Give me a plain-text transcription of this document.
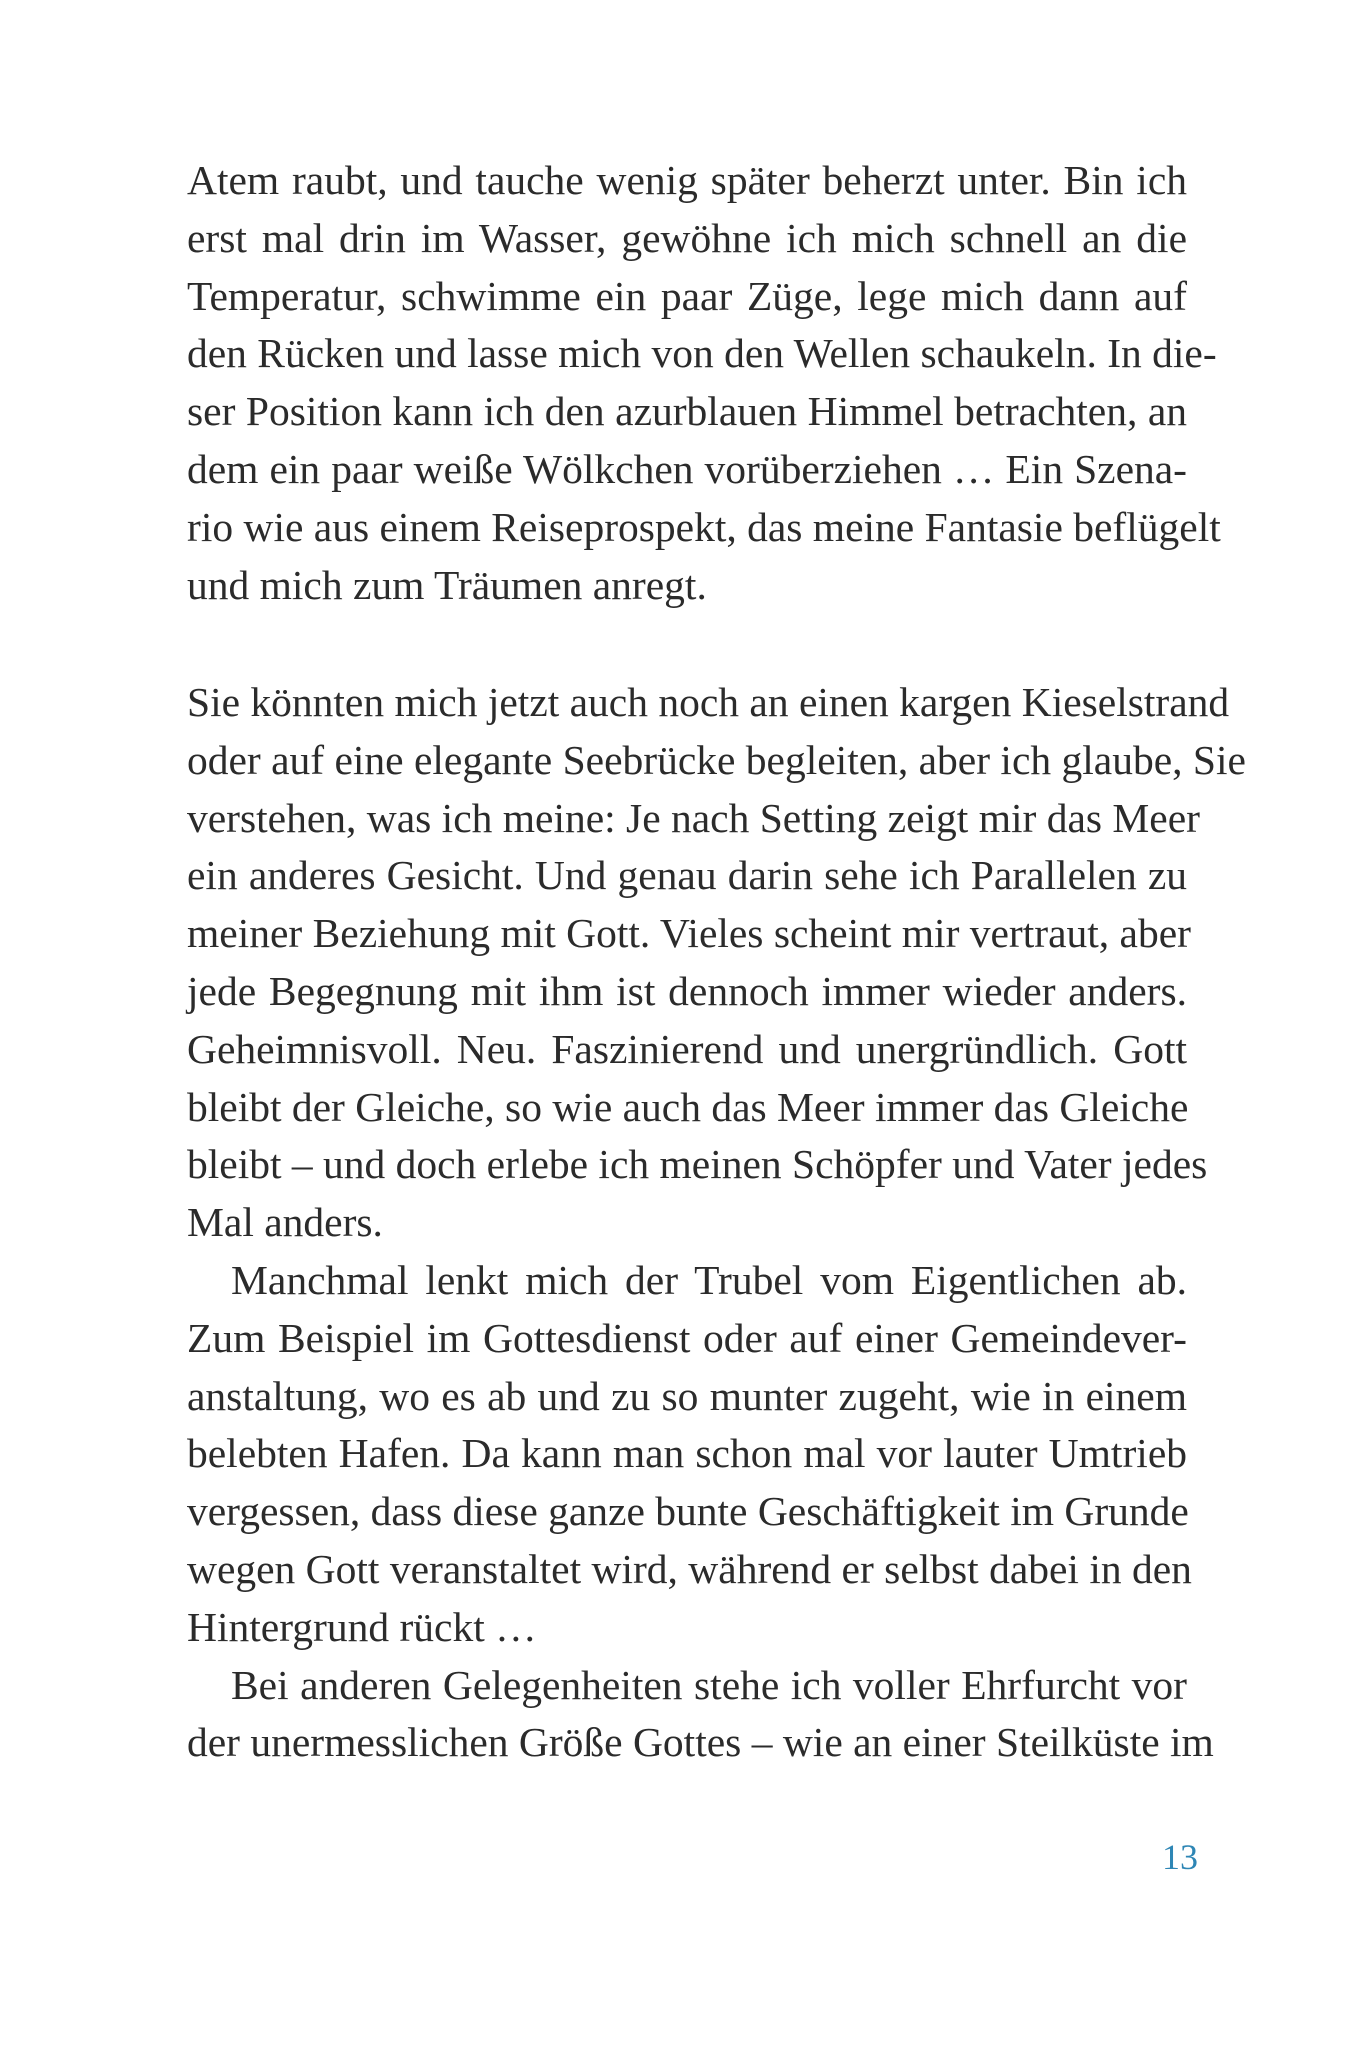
Atem raubt, und tauche wenig später beherzt unter. Bin ich
erst mal drin im Wasser, gewöhne ich mich schnell an die
Temperatur, schwimme ein paar Züge, lege mich dann auf
den Rücken und lasse mich von den Wellen schaukeln. In die-
ser Position kann ich den azurblauen Himmel betrachten, an
dem ein paar weiße Wölkchen vorüberziehen … Ein Szena-
rio wie aus einem Reiseprospekt, das meine Fantasie beflügelt
und mich zum Träumen anregt.
Sie könnten mich jetzt auch noch an einen kargen Kieselstrand
oder auf eine elegante Seebrücke begleiten, aber ich glaube, Sie
verstehen, was ich meine: Je nach Setting zeigt mir das Meer
ein anderes Gesicht. Und genau darin sehe ich Parallelen zu
meiner Beziehung mit Gott. Vieles scheint mir vertraut, aber
jede Begegnung mit ihm ist dennoch immer wieder anders.
Geheimnisvoll. Neu. Faszinierend und unergründlich. Gott
bleibt der Gleiche, so wie auch das Meer immer das Gleiche
bleibt – und doch erlebe ich meinen Schöpfer und Vater jedes
Mal anders.
Manchmal lenkt mich der Trubel vom Eigentlichen ab.
Zum Beispiel im Gottesdienst oder auf einer Gemeindever-
anstaltung, wo es ab und zu so munter zugeht, wie in einem
belebten Hafen. Da kann man schon mal vor lauter Umtrieb
vergessen, dass diese ganze bunte Geschäftigkeit im Grunde
wegen Gott veranstaltet wird, während er selbst dabei in den
Hintergrund rückt …
Bei anderen Gelegenheiten stehe ich voller Ehrfurcht vor
der unermesslichen Größe Gottes – wie an einer Steilküste im
13
